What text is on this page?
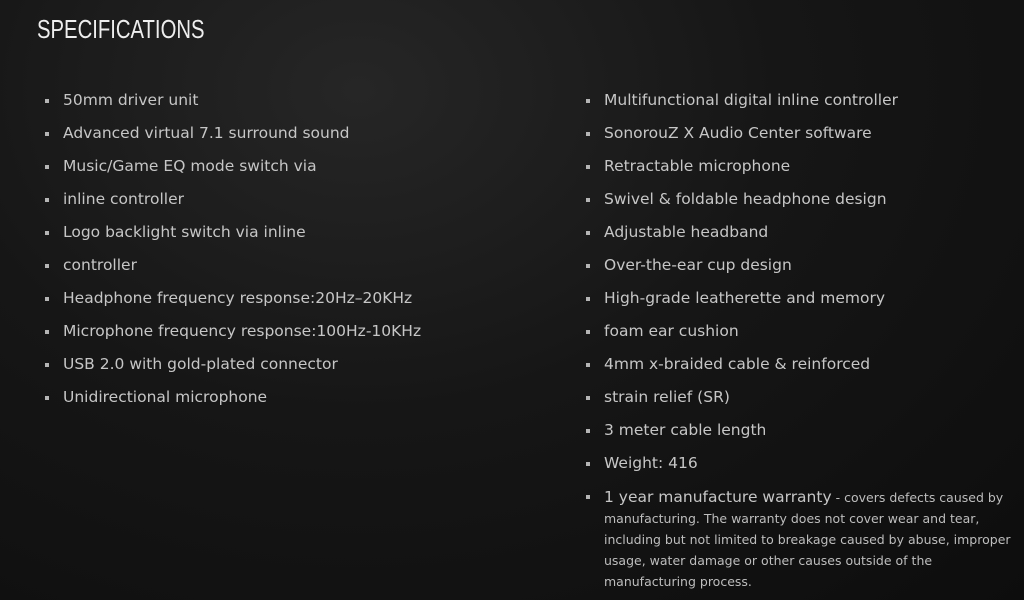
SPECIFICATIONS
50mm driver unit
Advanced virtual 7.1 surround sound
Music/Game EQ mode switch via
inline controller
Logo backlight switch via inline
controller
Headphone frequency response:20Hz–20KHz
Microphone frequency response:100Hz-10KHz
USB 2.0 with gold-plated connector
Unidirectional microphone
Multifunctional digital inline controller
SonorouZ X Audio Center software
Retractable microphone
Swivel & foldable headphone design
Adjustable headband
Over-the-ear cup design
High-grade leatherette and memory
foam ear cushion
4mm x-braided cable & reinforced
strain relief (SR)
3 meter cable length
Weight: 416
1 year manufacture warranty - covers defects caused by manufacturing. The warranty does not cover wear and tear, including but not limited to breakage caused by abuse, improper usage, water damage or other causes outside of the manufacturing process.
